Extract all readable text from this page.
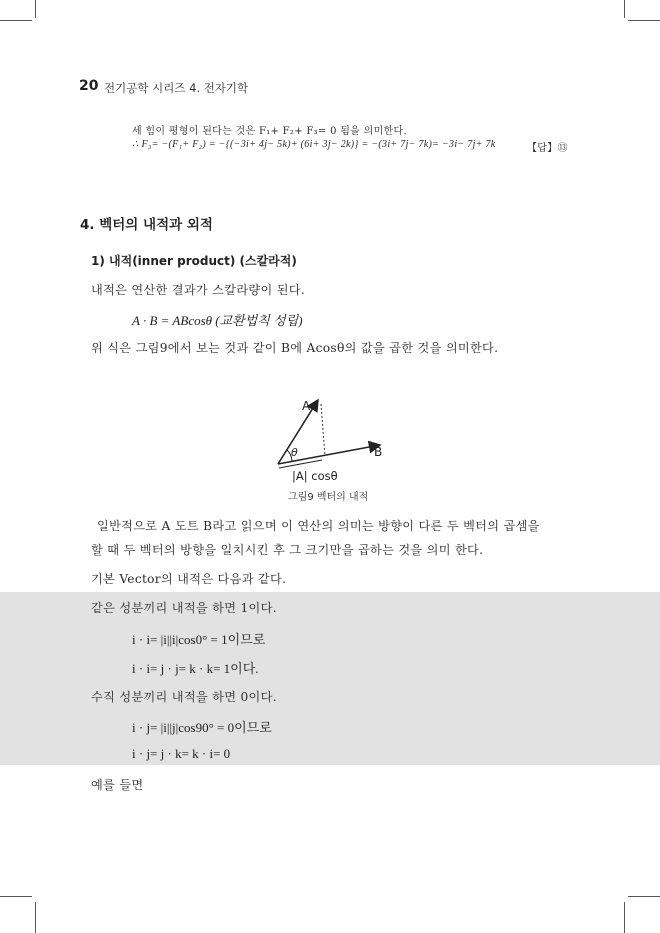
20 전기공학 시리즈 4. 전자기학
세 힘이 평형이 된다는 것은 F₁+ F₂+ F₃= 0 됨을 의미한다.
∴ F₃= −(F₁+ F₂) = −{(−3i+ 4j− 5k)+ (6i+ 3j− 2k)} = −(3i+ 7j− 7k)= −3i− 7j+ 7k	【답】⑬
4. 벡터의 내적과 외적
1) 내적(inner product) (스칼라적)
내적은 연산한 결과가 스칼라량이 된다.
A · B = ABcosθ (교환법칙 성립)
위 식은 그림9에서 보는 것과 같이 B에 Acosθ의 값을 곱한 것을 의미한다.
A
B
θ
|A| cosθ
그림9 벡터의 내적
일반적으로 A 도트 B라고 읽으며 이 연산의 의미는 방향이 다른 두 벡터의 곱셈을
할 때 두 벡터의 방향을 일치시킨 후 그 크기만을 곱하는 것을 의미 한다.
기본 Vector의 내적은 다음과 같다.
같은 성분끼리 내적을 하면 1이다.
i · i= |i||i|cos0° = 1이므로
i · i= j · j= k · k= 1이다.
수직 성분끼리 내적을 하면 0이다.
i · j= |i||j|cos90° = 0이므로
i · j= j · k= k · i= 0
예를 들면
